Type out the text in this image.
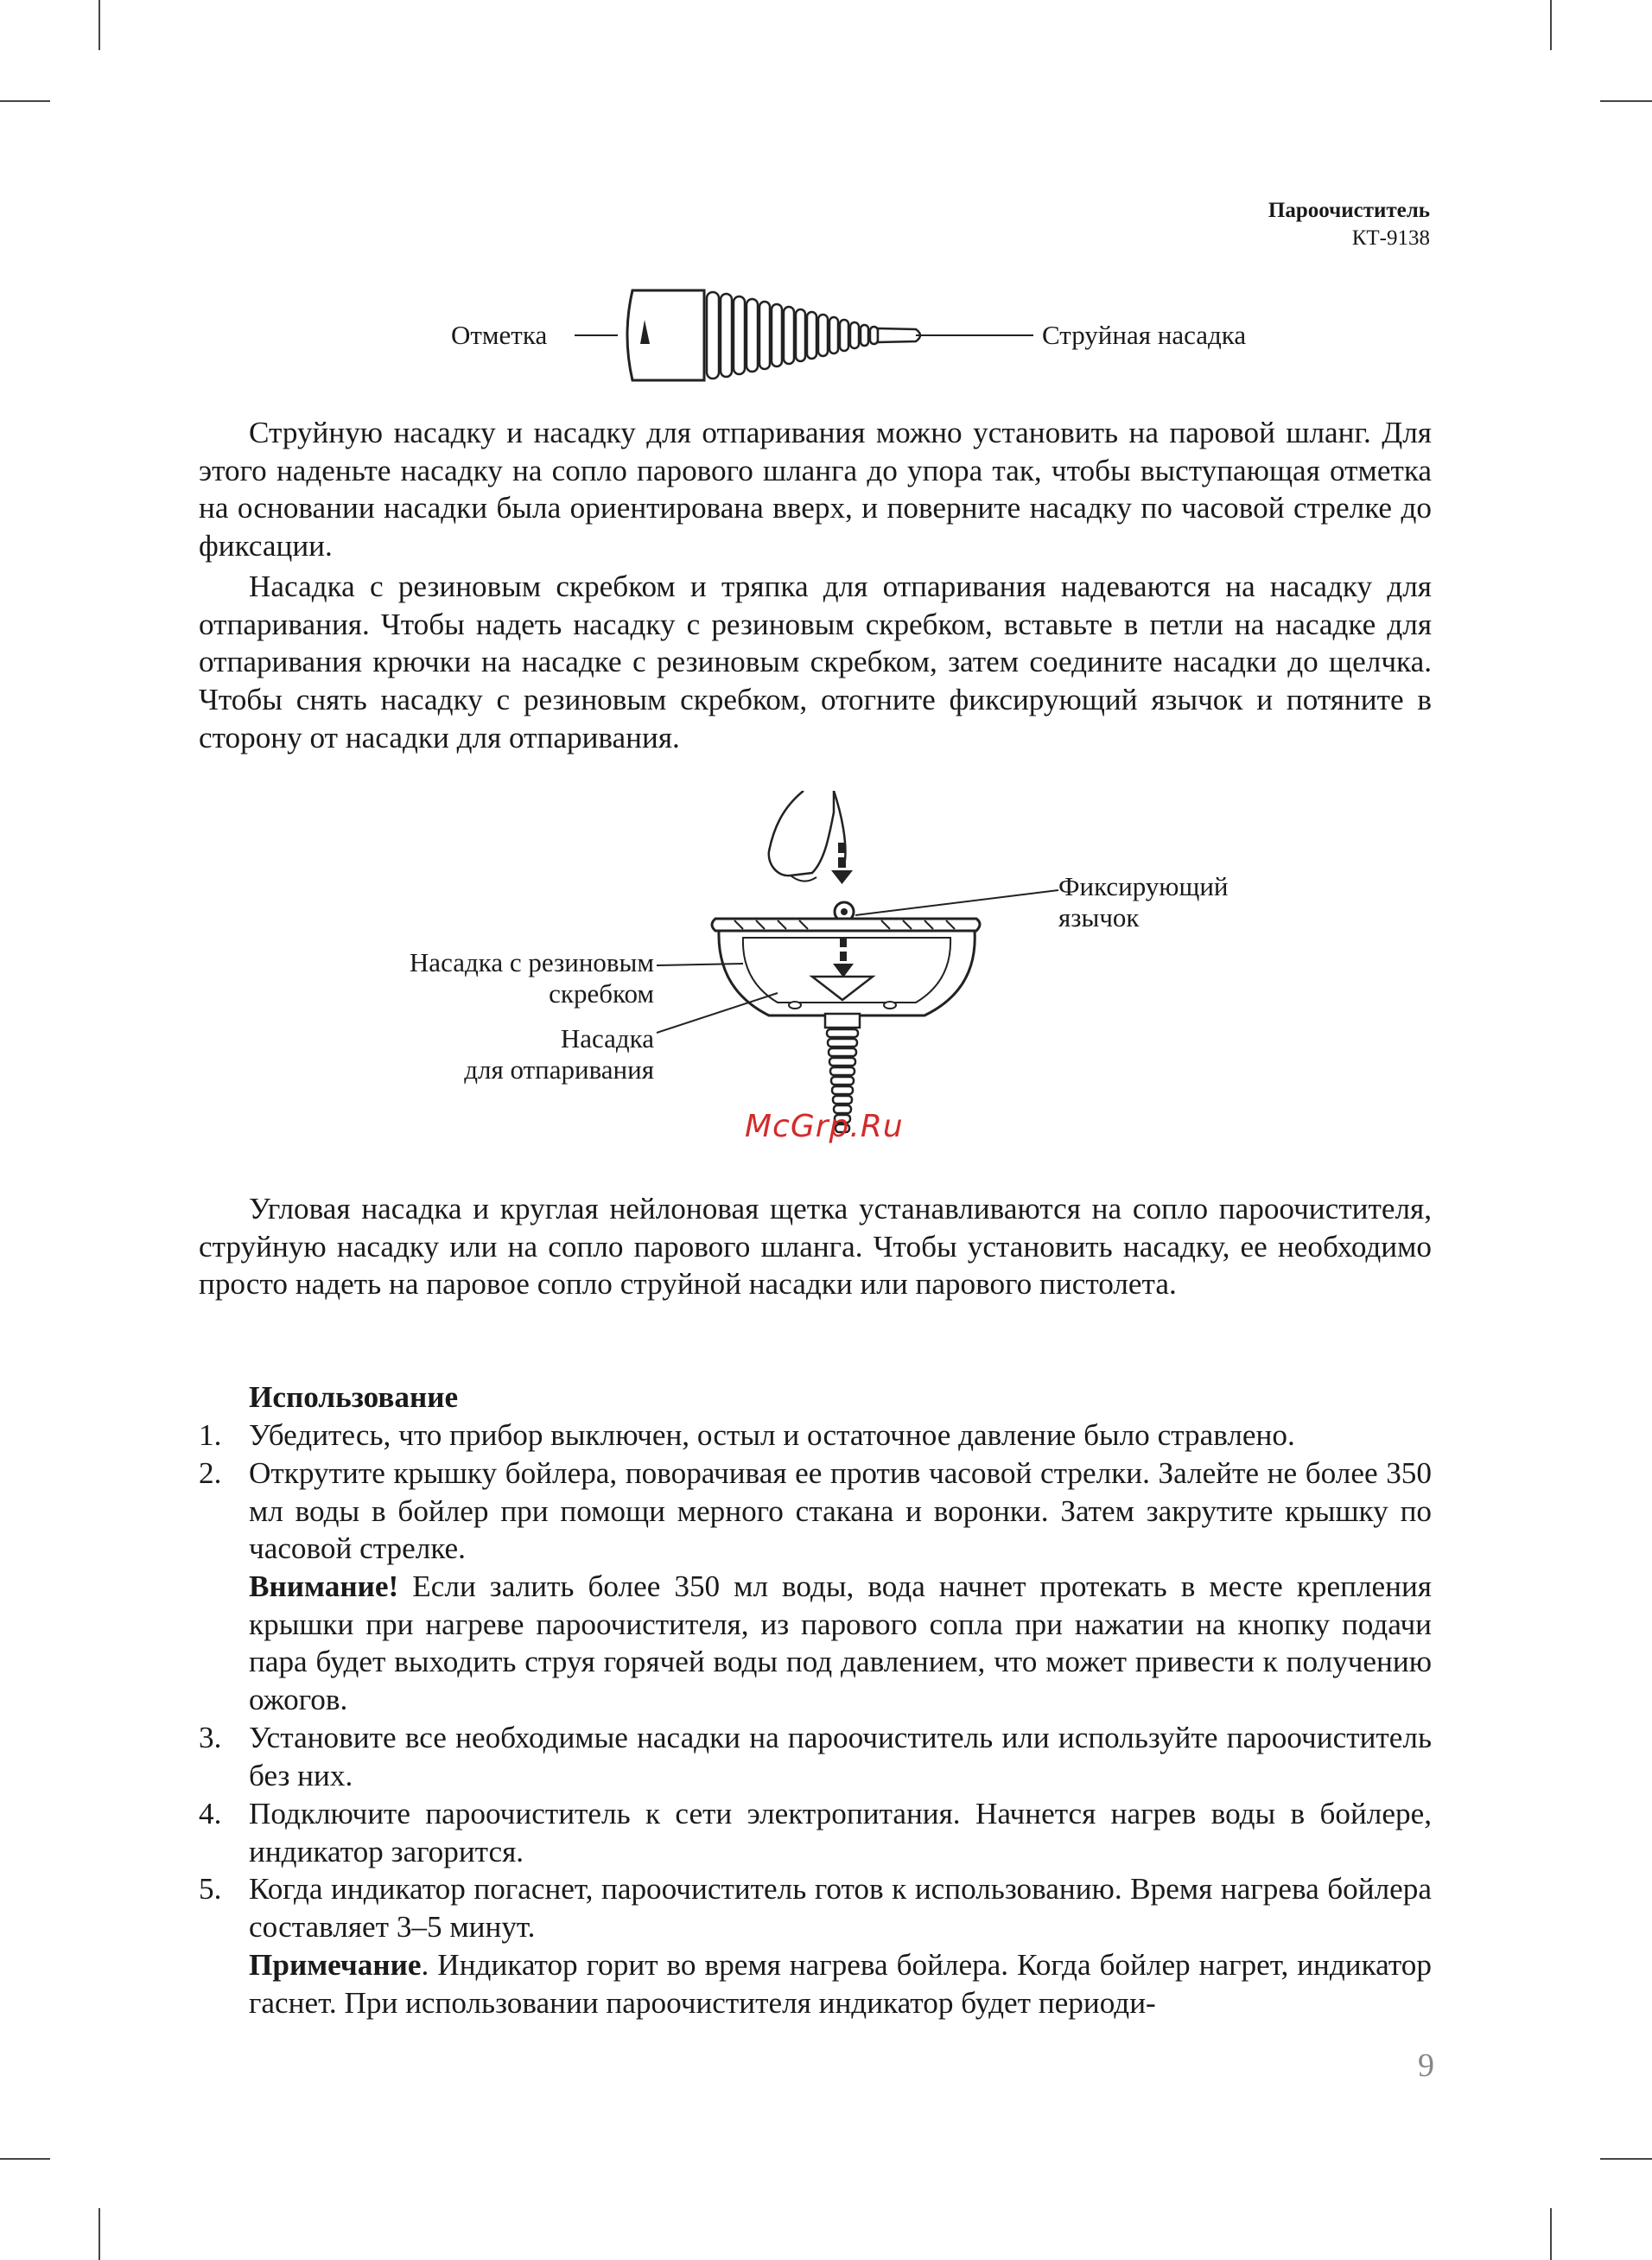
Пароочиститель
КТ-9138
Отметка	Струйная насадка

Струйную насадку и насадку для отпаривания можно установить на паровой шланг. Для этого наденьте насадку на сопло парового шланга до упора так, чтобы выступающая отметка на основании насадки была ориентирована вверх, и поверните насадку по часовой стрелке до фиксации.

Насадка с резиновым скребком и тряпка для отпаривания надеваются на насадку для отпаривания. Чтобы надеть насадку с резиновым скребком, вставьте в петли на насадке для отпаривания крючки на насадке с резиновым скребком, затем соедините насадки до щелчка. Чтобы снять насадку с резиновым скребком, отогните фиксирующий язычок и потяните в сторону от насадки для отпаривания.

Фиксирующий
язычок
Насадка с резиновым
скребком
Насадка
для отпаривания
McGrp.Ru

Угловая насадка и круглая нейлоновая щетка устанавливаются на сопло пароочистителя, струйную насадку или на сопло парового шланга. Чтобы установить насадку, ее необходимо просто надеть на паровое сопло струйной насадки или парового пистолета.

Использование
1. Убедитесь, что прибор выключен, остыл и остаточное давление было стравлено.
2. Открутите крышку бойлера, поворачивая ее против часовой стрелки. Залейте не более 350 мл воды в бойлер при помощи мерного стакана и воронки. Затем закрутите крышку по часовой стрелке.
Внимание! Если залить более 350 мл воды, вода начнет протекать в месте крепления крышки при нагреве пароочистителя, из парового сопла при нажатии на кнопку подачи пара будет выходить струя горячей воды под давлением, что может привести к получению ожогов.
3. Установите все необходимые насадки на пароочиститель или используйте пароочиститель без них.
4. Подключите пароочиститель к сети электропитания. Начнется нагрев воды в бойлере, индикатор загорится.
5. Когда индикатор погаснет, пароочиститель готов к использованию. Время нагрева бойлера составляет 3–5 минут.
Примечание. Индикатор горит во время нагрева бойлера. Когда бойлер нагрет, индикатор гаснет. При использовании пароочистителя индикатор будет периоди-
9
